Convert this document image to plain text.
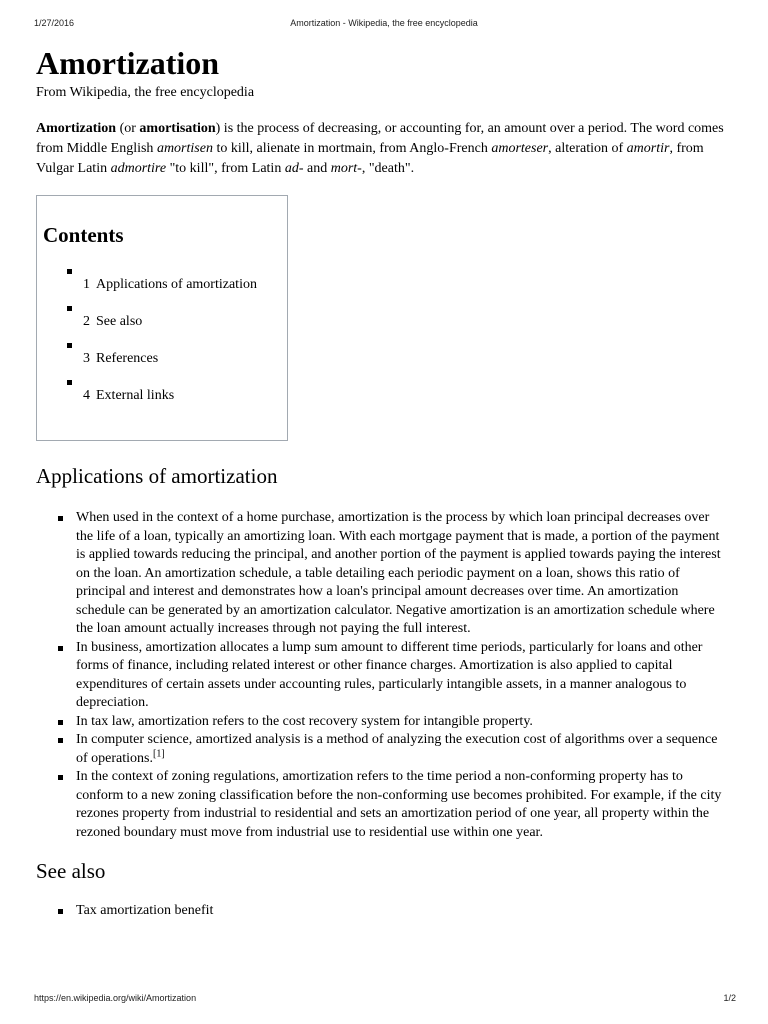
1/27/2016	Amortization - Wikipedia, the free encyclopedia
Amortization
From Wikipedia, the free encyclopedia

Amortization (or amortisation) is the process of decreasing, or accounting for, an amount over a period. The word comes from Middle English amortisen to kill, alienate in mortmain, from Anglo-French amorteser, alteration of amortir, from Vulgar Latin admortire "to kill", from Latin ad- and mort-, "death".

Contents
1 Applications of amortization
2 See also
3 References
4 External links
Applications of amortization
When used in the context of a home purchase, amortization is the process by which loan principal decreases over the life of a loan, typically an amortizing loan. With each mortgage payment that is made, a portion of the payment is applied towards reducing the principal, and another portion of the payment is applied towards paying the interest on the loan. An amortization schedule, a table detailing each periodic payment on a loan, shows this ratio of principal and interest and demonstrates how a loan's principal amount decreases over time. An amortization schedule can be generated by an amortization calculator. Negative amortization is an amortization schedule where the loan amount actually increases through not paying the full interest.
In business, amortization allocates a lump sum amount to different time periods, particularly for loans and other forms of finance, including related interest or other finance charges. Amortization is also applied to capital expenditures of certain assets under accounting rules, particularly intangible assets, in a manner analogous to depreciation.
In tax law, amortization refers to the cost recovery system for intangible property.
In computer science, amortized analysis is a method of analyzing the execution cost of algorithms over a sequence of operations.[1]
In the context of zoning regulations, amortization refers to the time period a non-conforming property has to conform to a new zoning classification before the non-conforming use becomes prohibited. For example, if the city rezones property from industrial to residential and sets an amortization period of one year, all property within the rezoned boundary must move from industrial use to residential use within one year.
See also
Tax amortization benefit
https://en.wikipedia.org/wiki/Amortization	1/2
